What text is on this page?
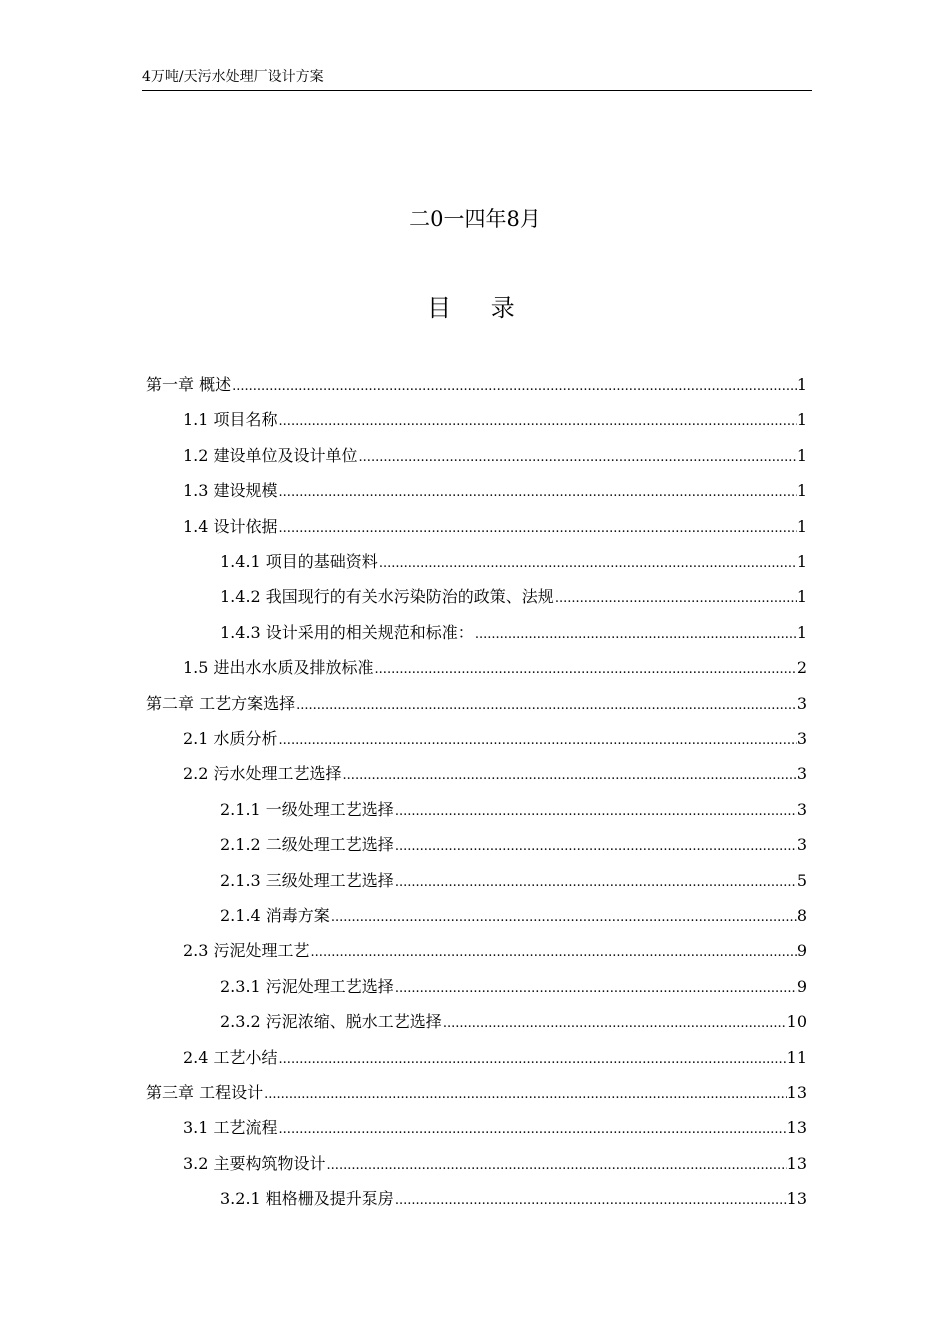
4万吨/天污水处理厂设计方案
二0一四年8月
目 录
第一章 概述 .....	1
1.1 项目名称 .....	1
1.2 建设单位及设计单位 .....	1
1.3 建设规模 .....	1
1.4 设计依据 .....	1
1.4.1 项目的基础资料 .....	1
1.4.2 我国现行的有关水污染防治的政策、法规 .....	1
1.4.3 设计采用的相关规范和标准： .....	1
1.5 进出水水质及排放标准 .....	2
第二章 工艺方案选择 .....	3
2.1 水质分析 .....	3
2.2 污水处理工艺选择 .....	3
2.1.1 一级处理工艺选择 .....	3
2.1.2 二级处理工艺选择 .....	3
2.1.3 三级处理工艺选择 .....	5
2.1.4 消毒方案 .....	8
2.3 污泥处理工艺 .....	9
2.3.1 污泥处理工艺选择 .....	9
2.3.2 污泥浓缩、脱水工艺选择 .....	10
2.4 工艺小结 .....	11
第三章 工程设计 .....	13
3.1 工艺流程 .....	13
3.2 主要构筑物设计 .....	13
3.2.1 粗格栅及提升泵房 .....	13
